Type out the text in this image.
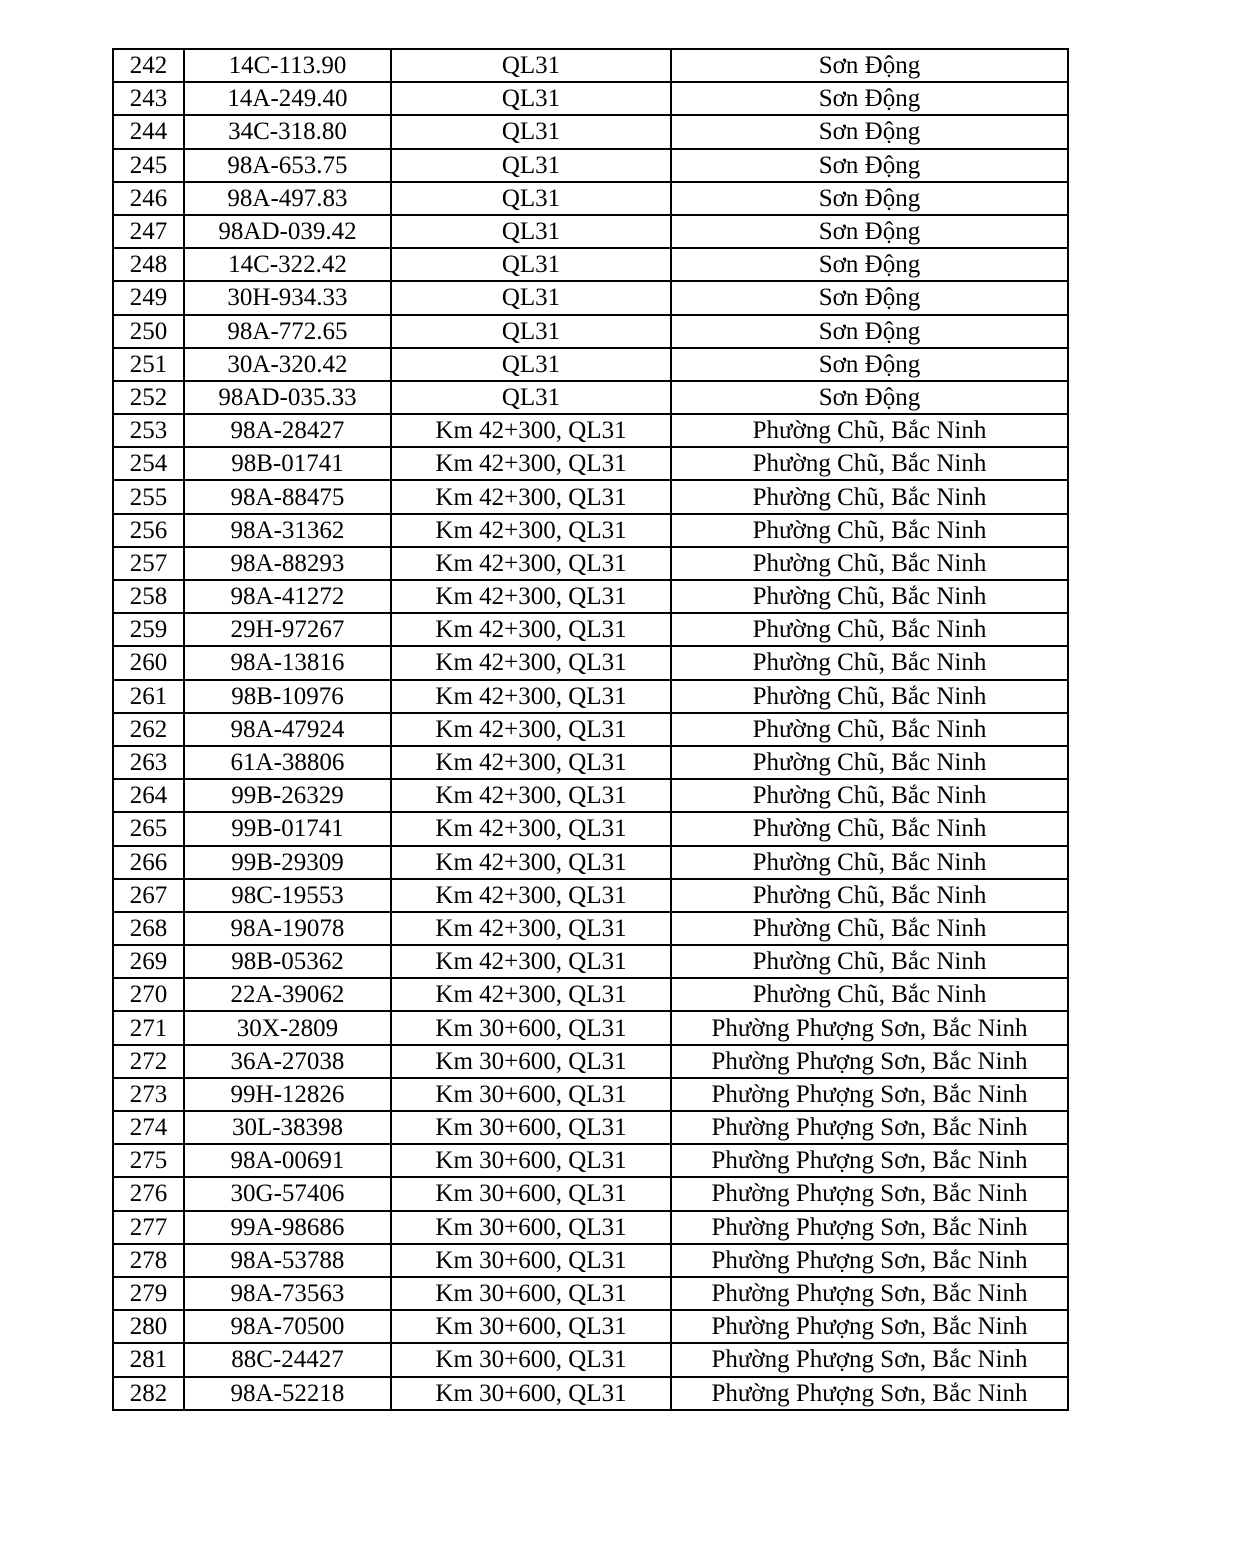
242	14C-113.90	QL31	Sơn Động
243	14A-249.40	QL31	Sơn Động
244	34C-318.80	QL31	Sơn Động
245	98A-653.75	QL31	Sơn Động
246	98A-497.83	QL31	Sơn Động
247	98AD-039.42	QL31	Sơn Động
248	14C-322.42	QL31	Sơn Động
249	30H-934.33	QL31	Sơn Động
250	98A-772.65	QL31	Sơn Động
251	30A-320.42	QL31	Sơn Động
252	98AD-035.33	QL31	Sơn Động
253	98A-28427	Km 42+300, QL31	Phường Chũ, Bắc Ninh
254	98B-01741	Km 42+300, QL31	Phường Chũ, Bắc Ninh
255	98A-88475	Km 42+300, QL31	Phường Chũ, Bắc Ninh
256	98A-31362	Km 42+300, QL31	Phường Chũ, Bắc Ninh
257	98A-88293	Km 42+300, QL31	Phường Chũ, Bắc Ninh
258	98A-41272	Km 42+300, QL31	Phường Chũ, Bắc Ninh
259	29H-97267	Km 42+300, QL31	Phường Chũ, Bắc Ninh
260	98A-13816	Km 42+300, QL31	Phường Chũ, Bắc Ninh
261	98B-10976	Km 42+300, QL31	Phường Chũ, Bắc Ninh
262	98A-47924	Km 42+300, QL31	Phường Chũ, Bắc Ninh
263	61A-38806	Km 42+300, QL31	Phường Chũ, Bắc Ninh
264	99B-26329	Km 42+300, QL31	Phường Chũ, Bắc Ninh
265	99B-01741	Km 42+300, QL31	Phường Chũ, Bắc Ninh
266	99B-29309	Km 42+300, QL31	Phường Chũ, Bắc Ninh
267	98C-19553	Km 42+300, QL31	Phường Chũ, Bắc Ninh
268	98A-19078	Km 42+300, QL31	Phường Chũ, Bắc Ninh
269	98B-05362	Km 42+300, QL31	Phường Chũ, Bắc Ninh
270	22A-39062	Km 42+300, QL31	Phường Chũ, Bắc Ninh
271	30X-2809	Km 30+600, QL31	Phường Phượng Sơn, Bắc Ninh
272	36A-27038	Km 30+600, QL31	Phường Phượng Sơn, Bắc Ninh
273	99H-12826	Km 30+600, QL31	Phường Phượng Sơn, Bắc Ninh
274	30L-38398	Km 30+600, QL31	Phường Phượng Sơn, Bắc Ninh
275	98A-00691	Km 30+600, QL31	Phường Phượng Sơn, Bắc Ninh
276	30G-57406	Km 30+600, QL31	Phường Phượng Sơn, Bắc Ninh
277	99A-98686	Km 30+600, QL31	Phường Phượng Sơn, Bắc Ninh
278	98A-53788	Km 30+600, QL31	Phường Phượng Sơn, Bắc Ninh
279	98A-73563	Km 30+600, QL31	Phường Phượng Sơn, Bắc Ninh
280	98A-70500	Km 30+600, QL31	Phường Phượng Sơn, Bắc Ninh
281	88C-24427	Km 30+600, QL31	Phường Phượng Sơn, Bắc Ninh
282	98A-52218	Km 30+600, QL31	Phường Phượng Sơn, Bắc Ninh
